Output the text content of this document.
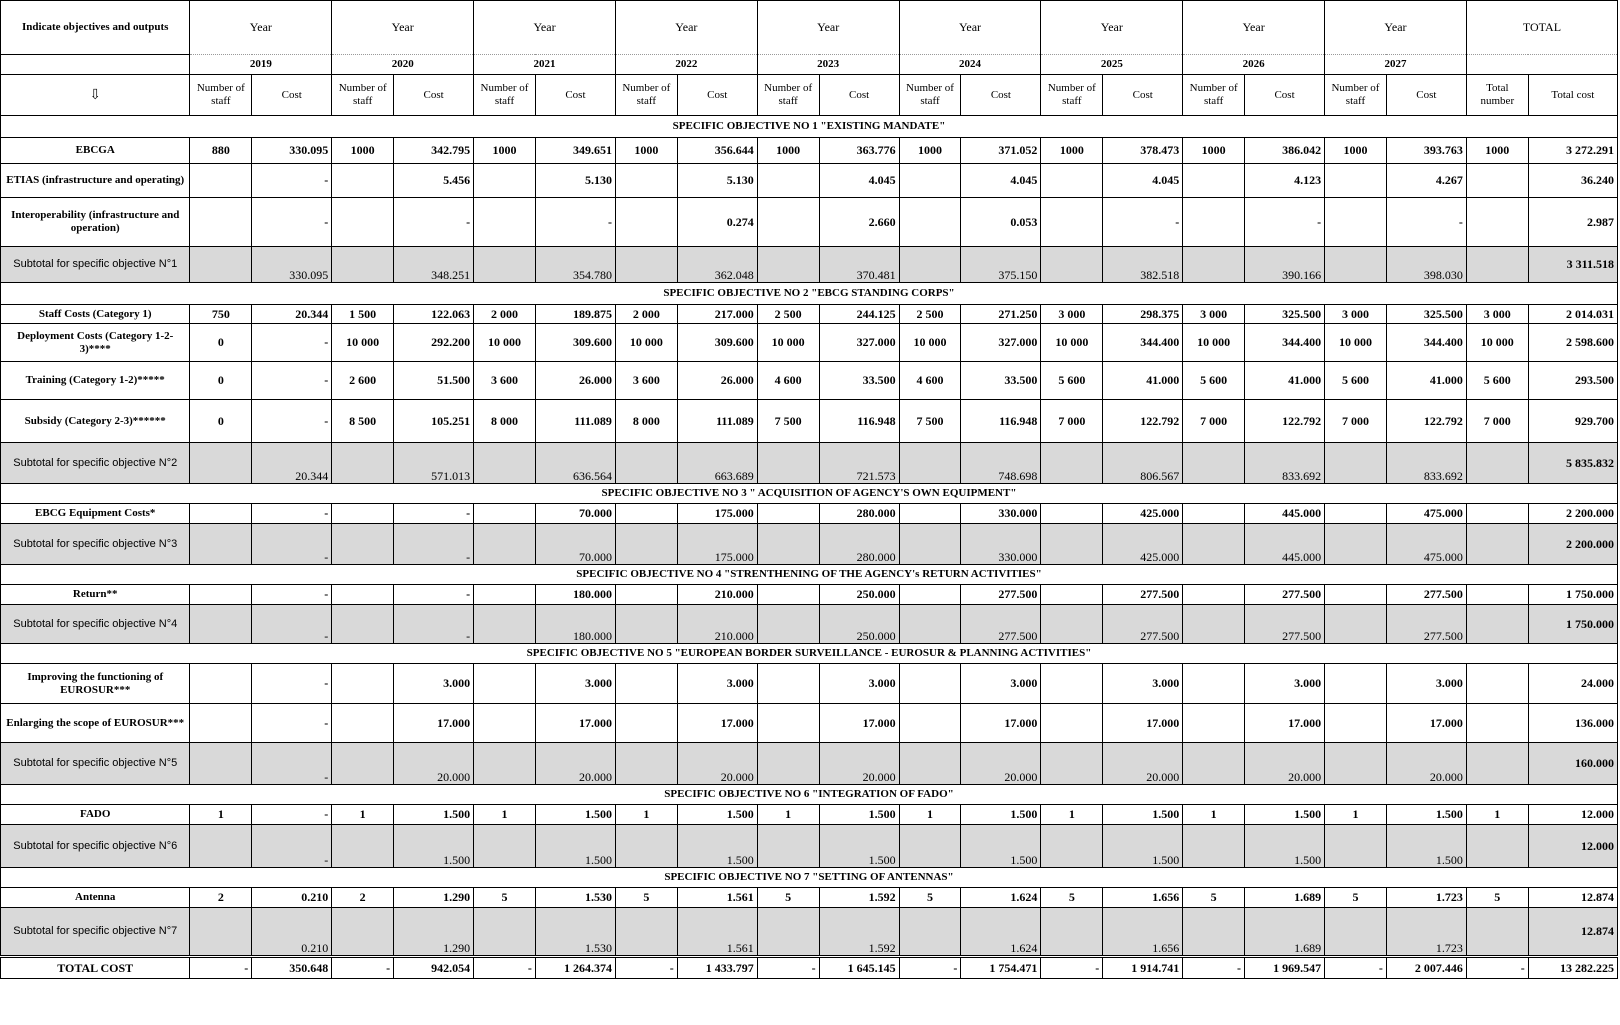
Indicate objectives and outputs	Year		Year		Year		Year		Year		Year		Year		Year		Year		TOTAL	
	2019		2020		2021		2022		2023		2024		2025		2026		2027			
⇩	Number of staff	Cost	Number of staff	Cost	Number of staff	Cost	Number of staff	Cost	Number of staff	Cost	Number of staff	Cost	Number of staff	Cost	Number of staff	Cost	Number of staff	Cost	Total number	Total cost
SPECIFIC OBJECTIVE NO 1 "EXISTING MANDATE"																				
EBCGA	880	330.095	1000	342.795	1000	349.651	1000	356.644	1000	363.776	1000	371.052	1000	378.473	1000	386.042	1000	393.763	1000	3 272.291
ETIAS (infrastructure and operating)		-		5.456		5.130		5.130		4.045		4.045		4.045		4.123		4.267		36.240
Interoperability (infrastructure and operation)		-		-		-		0.274		2.660		0.053		-		-		-		2.987
Subtotal for specific objective N°1		330.095		348.251		354.780		362.048		370.481		375.150		382.518		390.166		398.030		3 311.518
SPECIFIC OBJECTIVE NO 2 "EBCG STANDING CORPS"																				
Staff Costs (Category 1)	750	20.344	1 500	122.063	2 000	189.875	2 000	217.000	2 500	244.125	2 500	271.250	3 000	298.375	3 000	325.500	3 000	325.500	3 000	2 014.031
Deployment Costs (Category 1-2-3)****	0	-	10 000	292.200	10 000	309.600	10 000	309.600	10 000	327.000	10 000	327.000	10 000	344.400	10 000	344.400	10 000	344.400	10 000	2 598.600
Training (Category 1-2)*****	0	-	2 600	51.500	3 600	26.000	3 600	26.000	4 600	33.500	4 600	33.500	5 600	41.000	5 600	41.000	5 600	41.000	5 600	293.500
Subsidy (Category 2-3)******	0	-	8 500	105.251	8 000	111.089	8 000	111.089	7 500	116.948	7 500	116.948	7 000	122.792	7 000	122.792	7 000	122.792	7 000	929.700
Subtotal for specific objective N°2		20.344		571.013		636.564		663.689		721.573		748.698		806.567		833.692		833.692		5 835.832
SPECIFIC OBJECTIVE NO 3 " ACQUISITION OF AGENCY'S OWN EQUIPMENT"																				
EBCG Equipment Costs*		-		-		70.000		175.000		280.000		330.000		425.000		445.000		475.000		2 200.000
Subtotal for specific objective N°3		-		-		70.000		175.000		280.000		330.000		425.000		445.000		475.000		2 200.000
SPECIFIC OBJECTIVE NO 4 "STRENTHENING OF THE AGENCY's RETURN ACTIVITIES"																				
Return**		-		-		180.000		210.000		250.000		277.500		277.500		277.500		277.500		1 750.000
Subtotal for specific objective N°4		-		-		180.000		210.000		250.000		277.500		277.500		277.500		277.500		1 750.000
SPECIFIC OBJECTIVE NO 5 "EUROPEAN BORDER SURVEILLANCE - EUROSUR & PLANNING ACTIVITIES"																				
Improving the functioning of EUROSUR***		-		3.000		3.000		3.000		3.000		3.000		3.000		3.000		3.000		24.000
Enlarging the scope of EUROSUR***		-		17.000		17.000		17.000		17.000		17.000		17.000		17.000		17.000		136.000
Subtotal for specific objective N°5		-		20.000		20.000		20.000		20.000		20.000		20.000		20.000		20.000		160.000
SPECIFIC OBJECTIVE NO 6 "INTEGRATION OF FADO"																				
FADO	1	-	1	1.500	1	1.500	1	1.500	1	1.500	1	1.500	1	1.500	1	1.500	1	1.500	1	12.000
Subtotal for specific objective N°6		-		1.500		1.500		1.500		1.500		1.500		1.500		1.500		1.500		12.000
SPECIFIC OBJECTIVE NO 7 "SETTING OF ANTENNAS"																				
Antenna	2	0.210	2	1.290	5	1.530	5	1.561	5	1.592	5	1.624	5	1.656	5	1.689	5	1.723	5	12.874
Subtotal for specific objective N°7		0.210		1.290		1.530		1.561		1.592		1.624		1.656		1.689		1.723		12.874
TOTAL COST	-	350.648	-	942.054	-	1 264.374	-	1 433.797	-	1 645.145	-	1 754.471	-	1 914.741	-	1 969.547	-	2 007.446	-	13 282.225
